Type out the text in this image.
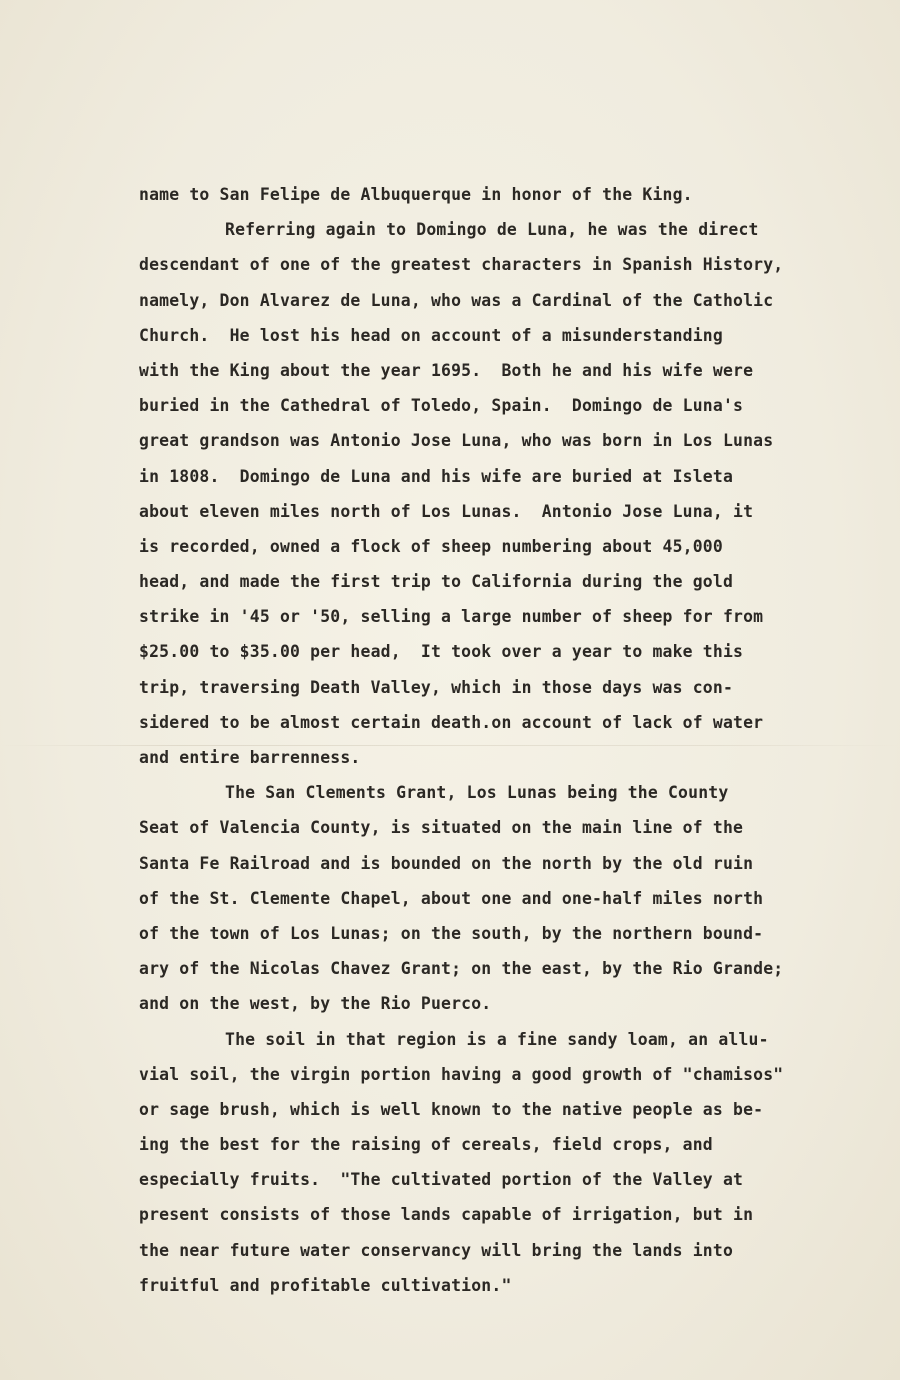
name to San Felipe de Albuquerque in honor of the King.
Referring again to Domingo de Luna, he was the direct
descendant of one of the greatest characters in Spanish History,
namely, Don Alvarez de Luna, who was a Cardinal of the Catholic
Church.  He lost his head on account of a misunderstanding
with the King about the year 1695.  Both he and his wife were
buried in the Cathedral of Toledo, Spain.  Domingo de Luna's
great grandson was Antonio Jose Luna, who was born in Los Lunas
in 1808.  Domingo de Luna and his wife are buried at Isleta
about eleven miles north of Los Lunas.  Antonio Jose Luna, it
is recorded, owned a flock of sheep numbering about 45,000
head, and made the first trip to California during the gold
strike in '45 or '50, selling a large number of sheep for from
$25.00 to $35.00 per head,  It took over a year to make this
trip, traversing Death Valley, which in those days was con-
sidered to be almost certain death.on account of lack of water
and entire barrenness.
The San Clements Grant, Los Lunas being the County
Seat of Valencia County, is situated on the main line of the
Santa Fe Railroad and is bounded on the north by the old ruin
of the St. Clemente Chapel, about one and one-half miles north
of the town of Los Lunas; on the south, by the northern bound-
ary of the Nicolas Chavez Grant; on the east, by the Rio Grande;
and on the west, by the Rio Puerco.
The soil in that region is a fine sandy loam, an allu-
vial soil, the virgin portion having a good growth of "chamisos"
or sage brush, which is well known to the native people as be-
ing the best for the raising of cereals, field crops, and
especially fruits.  "The cultivated portion of the Valley at
present consists of those lands capable of irrigation, but in
the near future water conservancy will bring the lands into
fruitful and profitable cultivation."
